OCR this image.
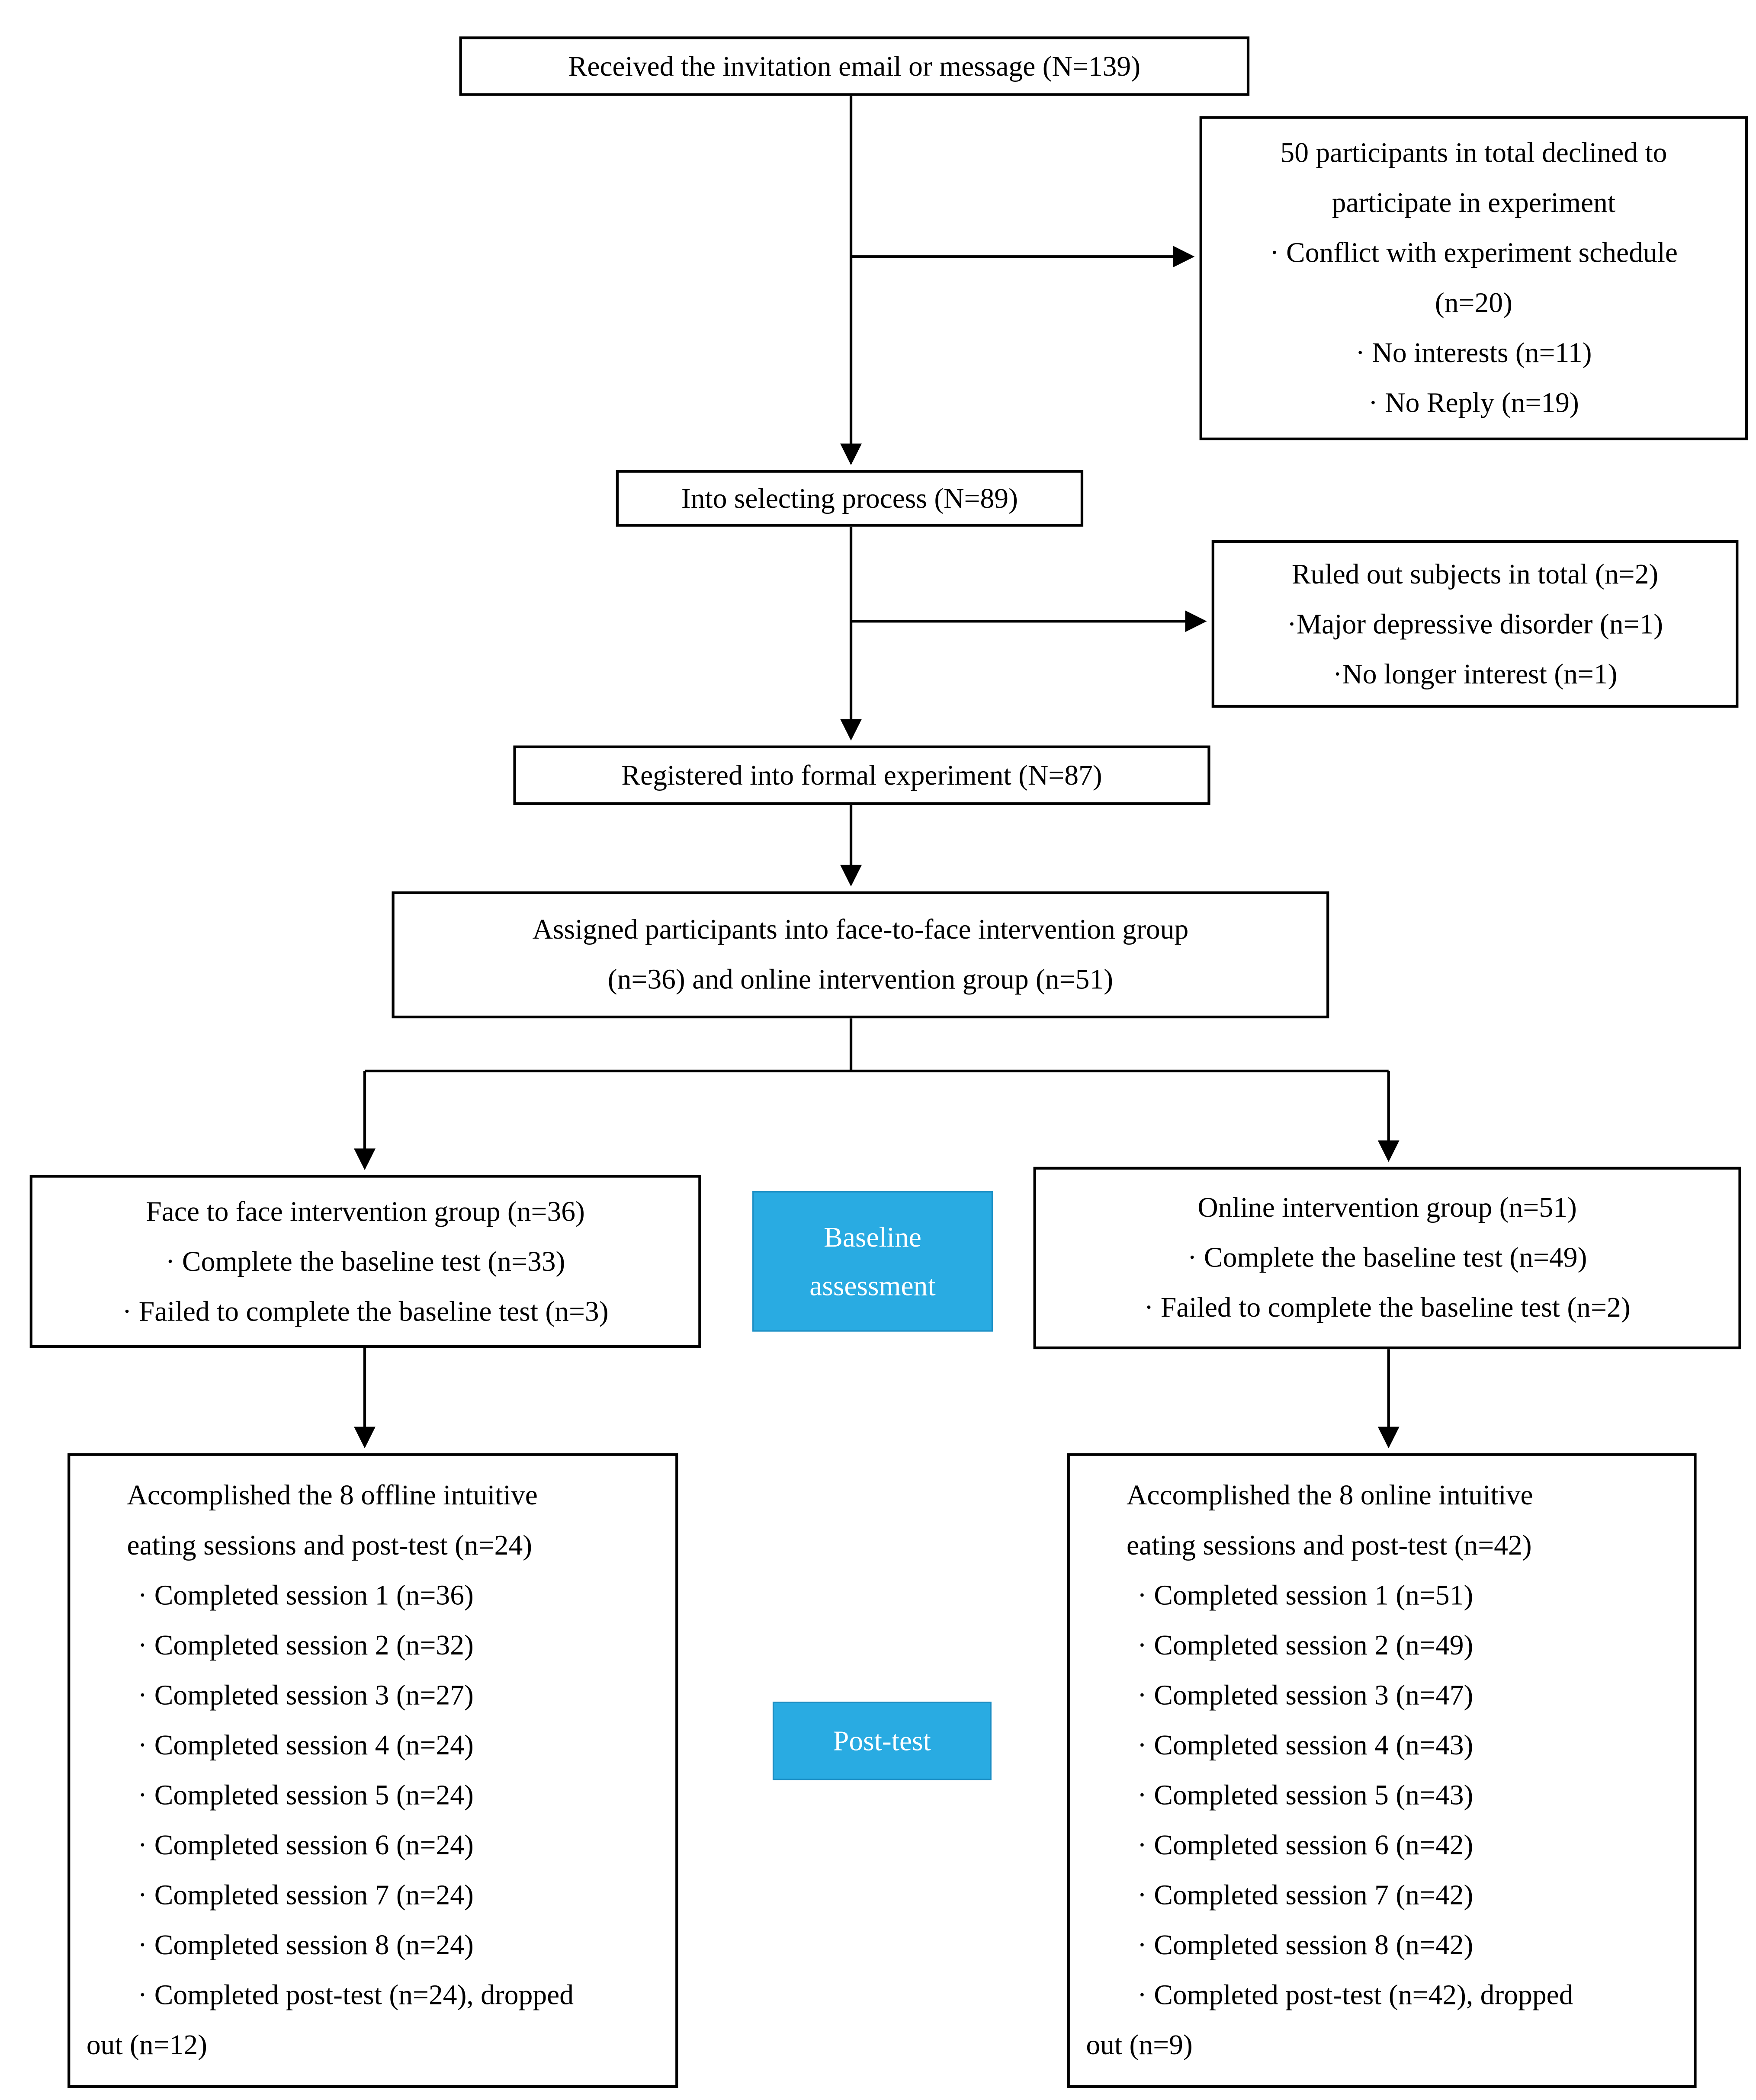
Received the invitation email or message (N=139)
50 participants in total declined to
participate in experiment
· Conflict with experiment schedule
(n=20)
· No interests (n=11)
· No Reply (n=19)
Into selecting process (N=89)
Ruled out subjects in total (n=2)
·Major depressive disorder (n=1)
·No longer interest (n=1)
Registered into formal experiment (N=87)
Assigned participants into face-to-face intervention group
(n=36) and online intervention group (n=51)
Face to face intervention group (n=36)
· Complete the baseline test (n=33)
· Failed to complete the baseline test (n=3)
Baseline
assessment
Online intervention group (n=51)
· Complete the baseline test (n=49)
· Failed to complete the baseline test (n=2)
Accomplished the 8 offline intuitive
eating sessions and post-test (n=24)
· Completed session 1 (n=36)
· Completed session 2 (n=32)
· Completed session 3 (n=27)
· Completed session 4 (n=24)
· Completed session 5 (n=24)
· Completed session 6 (n=24)
· Completed session 7 (n=24)
· Completed session 8 (n=24)
· Completed post-test (n=24), dropped
out (n=12)
Post-test
Accomplished the 8 online intuitive
eating sessions and post-test (n=42)
· Completed session 1 (n=51)
· Completed session 2 (n=49)
· Completed session 3 (n=47)
· Completed session 4 (n=43)
· Completed session 5 (n=43)
· Completed session 6 (n=42)
· Completed session 7 (n=42)
· Completed session 8 (n=42)
· Completed post-test (n=42), dropped
out (n=9)
